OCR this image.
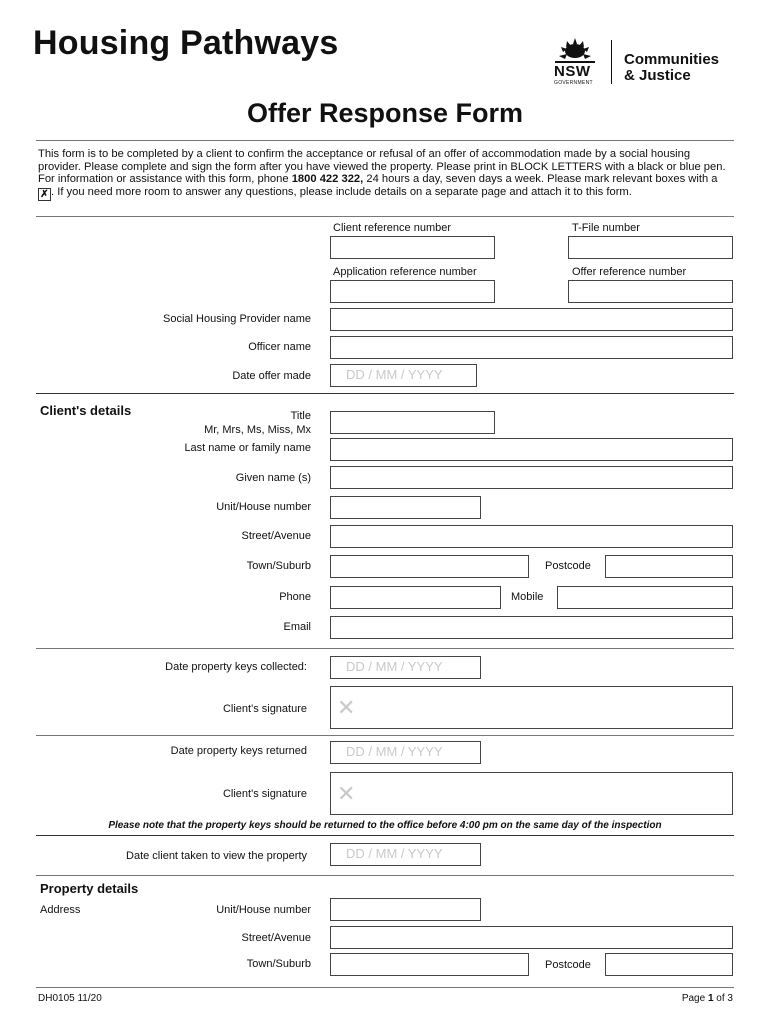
Housing Pathways
NSW
GOVERNMENT
Communities
& Justice
Offer Response Form
This form is to be completed by a client to confirm the acceptance or refusal of an offer of accommodation made by a social housing provider. Please complete and sign the form after you have viewed the property. Please print in BLOCK LETTERS with a black or blue pen. For information or assistance with this form, phone 1800 422 322, 24 hours a day, seven days a week. Please mark relevant boxes with a ✗ . If you need more room to answer any questions, please include details on a separate page and attach it to this form.
Client reference number	T-File number
Application reference number	Offer reference number
Social Housing Provider name
Officer name
Date offer made	DD / MM / YYYY
Client's details	Title
Mr, Mrs, Ms, Miss, Mx
Last name or family name
Given name (s)
Unit/House number
Street/Avenue
Town/Suburb	Postcode
Phone	Mobile
Email
Date property keys collected:	DD / MM / YYYY
Client's signature ✕
Date property keys returned	DD / MM / YYYY
Client's signature ✕
Please note that the property keys should be returned to the office before 4:00 pm on the same day of the inspection
Date client taken to view the property	DD / MM / YYYY
Property details
Address	Unit/House number
Street/Avenue
Town/Suburb	Postcode
DH0105 11/20	Page 1 of 3
